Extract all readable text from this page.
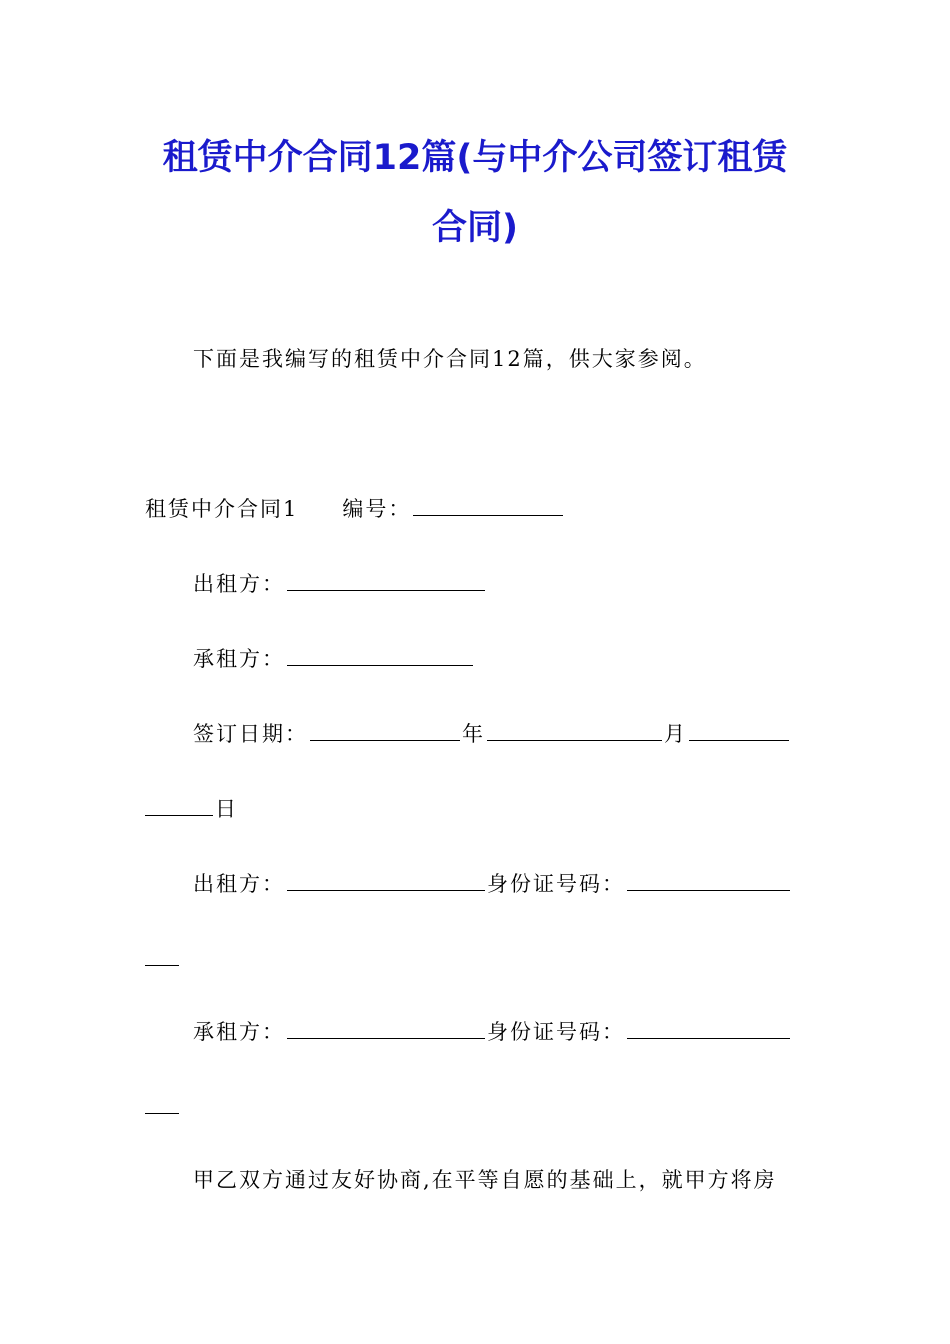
租赁中介合同12篇(与中介公司签订租赁
合同)
下面是我编写的租赁中介合同12篇，供大家参阅。
租赁中介合同1 编号：
出租方：
承租方：
签订日期：	年	月
日
出租方：	身份证号码：
承租方：	身份证号码：
甲乙双方通过友好协商,在平等自愿的基础上，就甲方将房
